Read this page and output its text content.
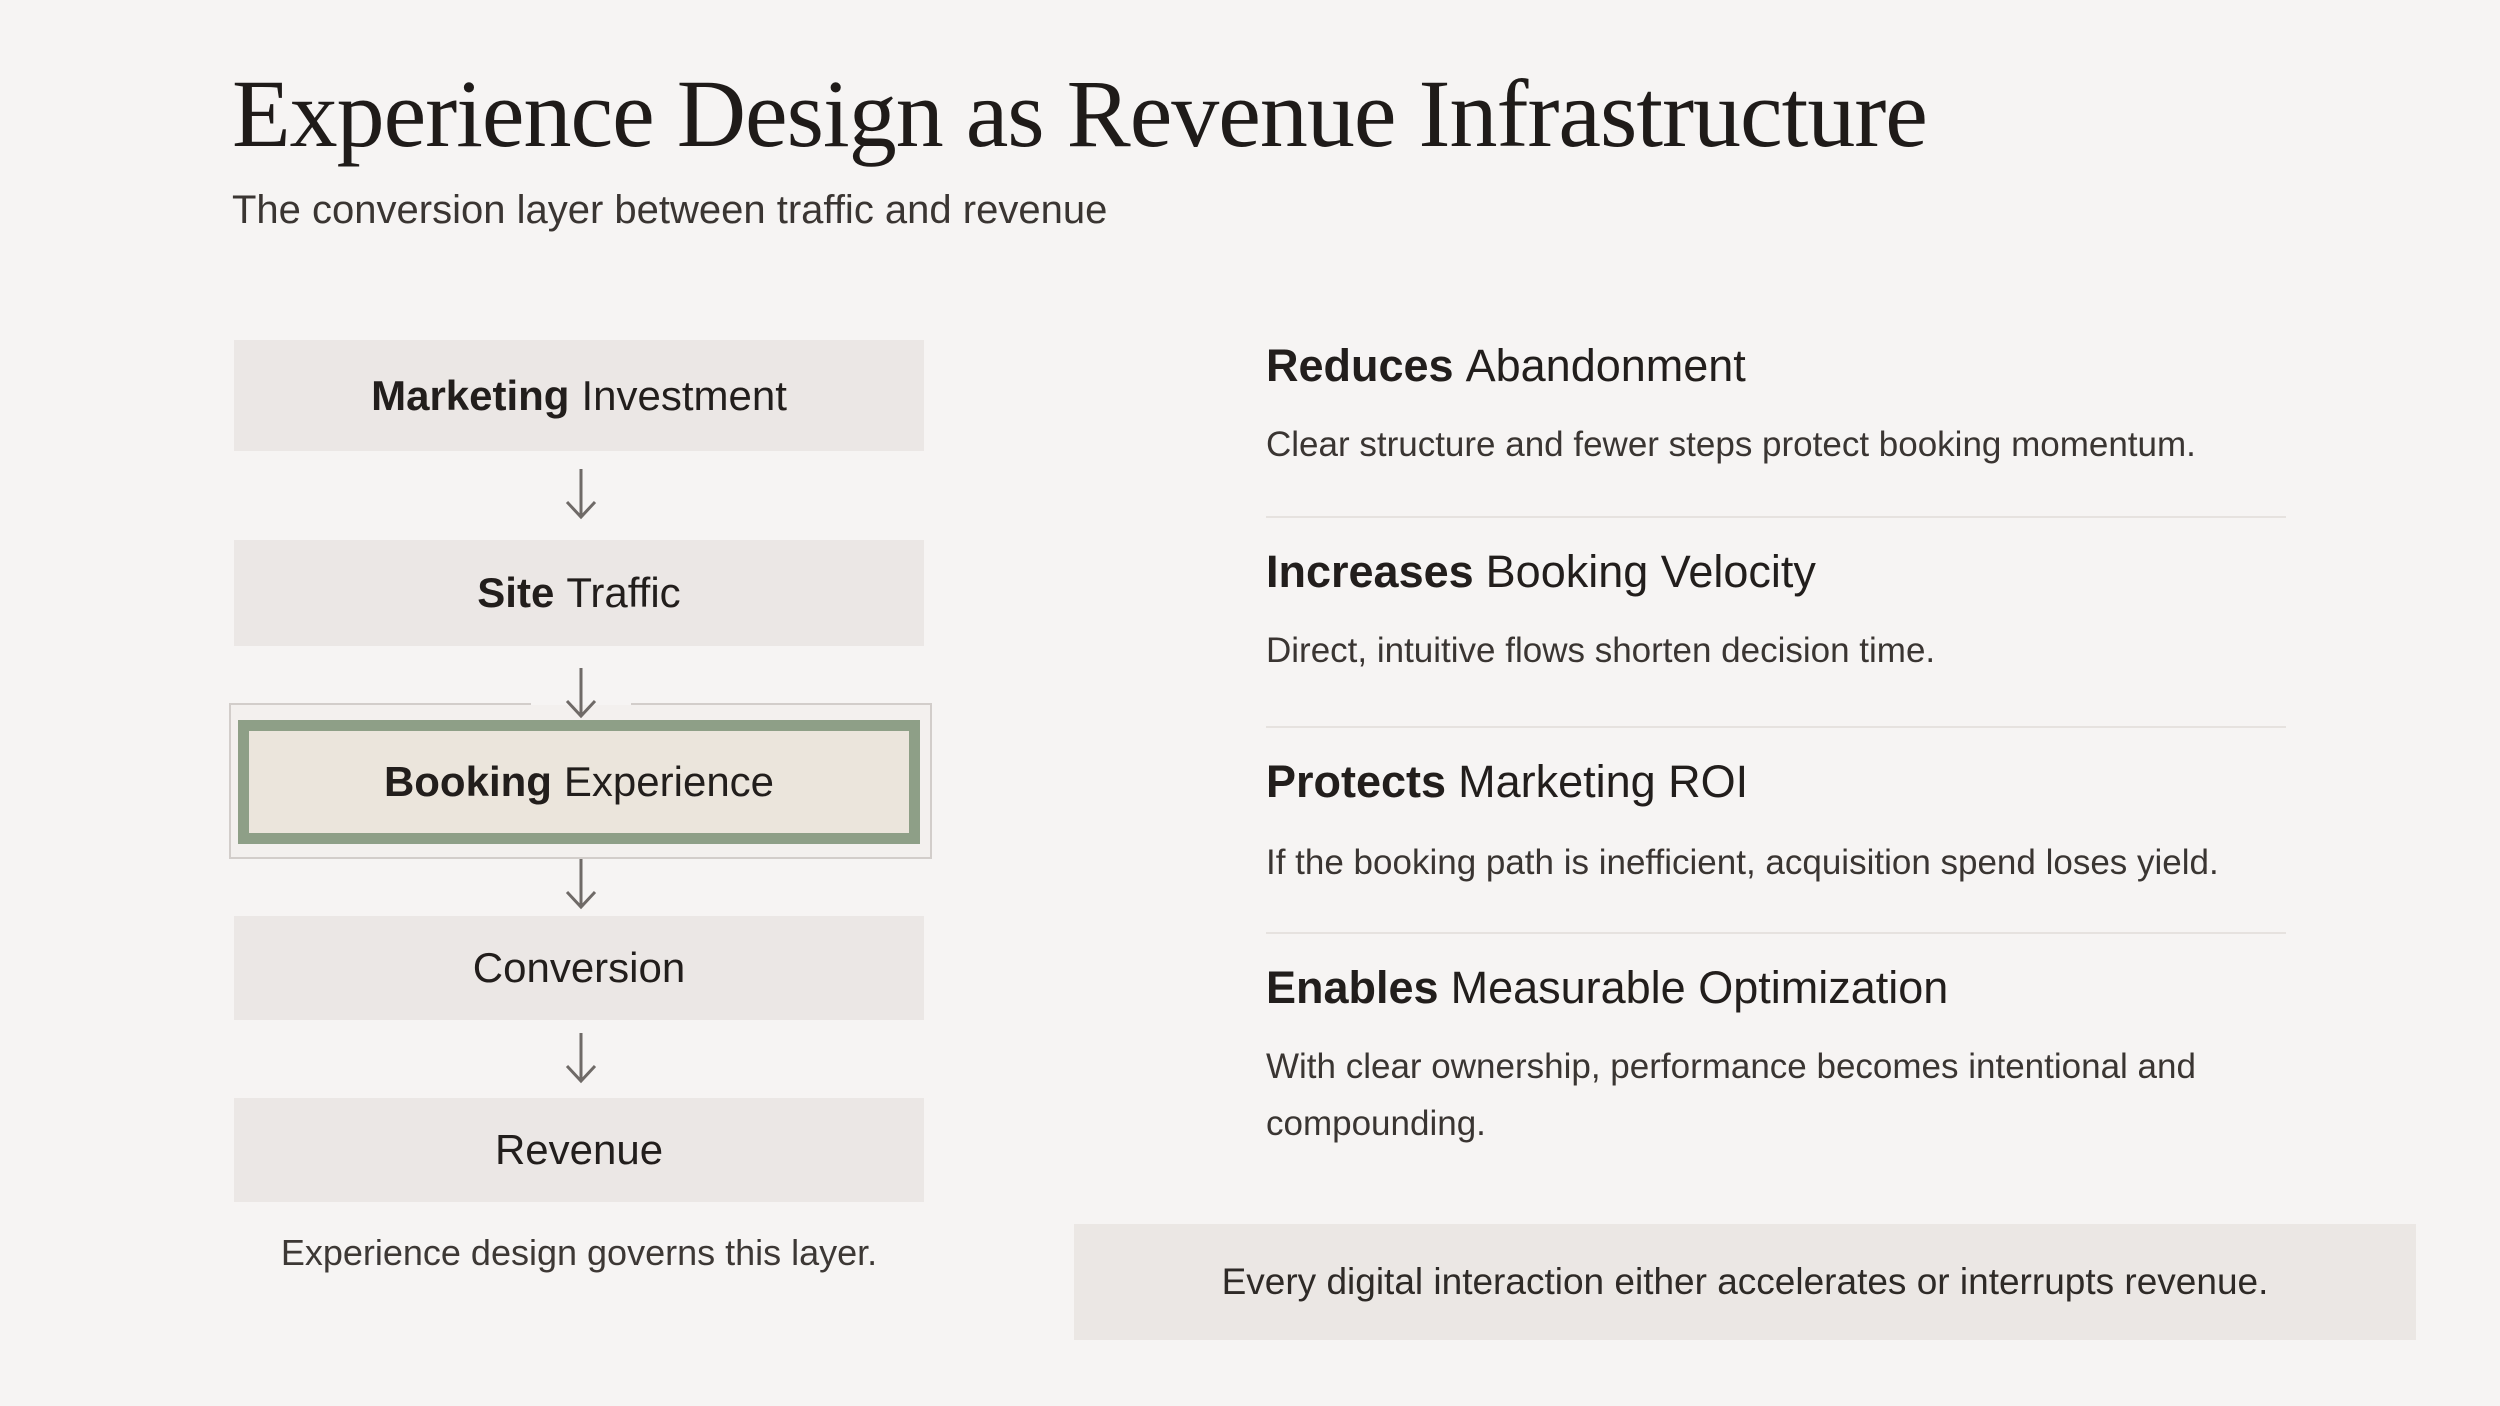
Experience Design as Revenue Infrastructure
The conversion layer between traffic and revenue
Marketing Investment
Site Traffic
Booking Experience
Conversion
Revenue
Experience design governs this layer.
Reduces Abandonment
Clear structure and fewer steps protect booking momentum.
Increases Booking Velocity
Direct, intuitive flows shorten decision time.
Protects Marketing ROI
If the booking path is inefficient, acquisition spend loses yield.
Enables Measurable Optimization
With clear ownership, performance becomes intentional and compounding.
Every digital interaction either accelerates or interrupts revenue.
